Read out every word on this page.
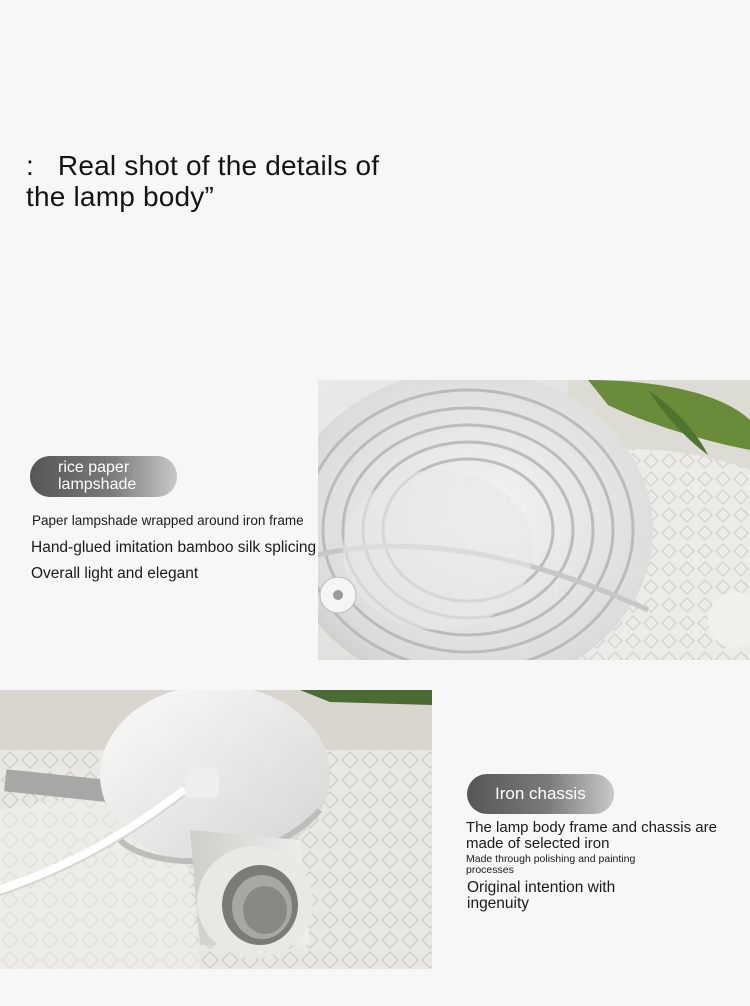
:   Real shot of the details of
the lamp body”
rice paper lampshade
Paper lampshade wrapped around iron frame
Hand-glued imitation bamboo silk splicing
Overall light and elegant
Iron chassis
The lamp body frame and chassis are made of selected iron
Made through polishing and painting processes
Original intention with ingenuity
